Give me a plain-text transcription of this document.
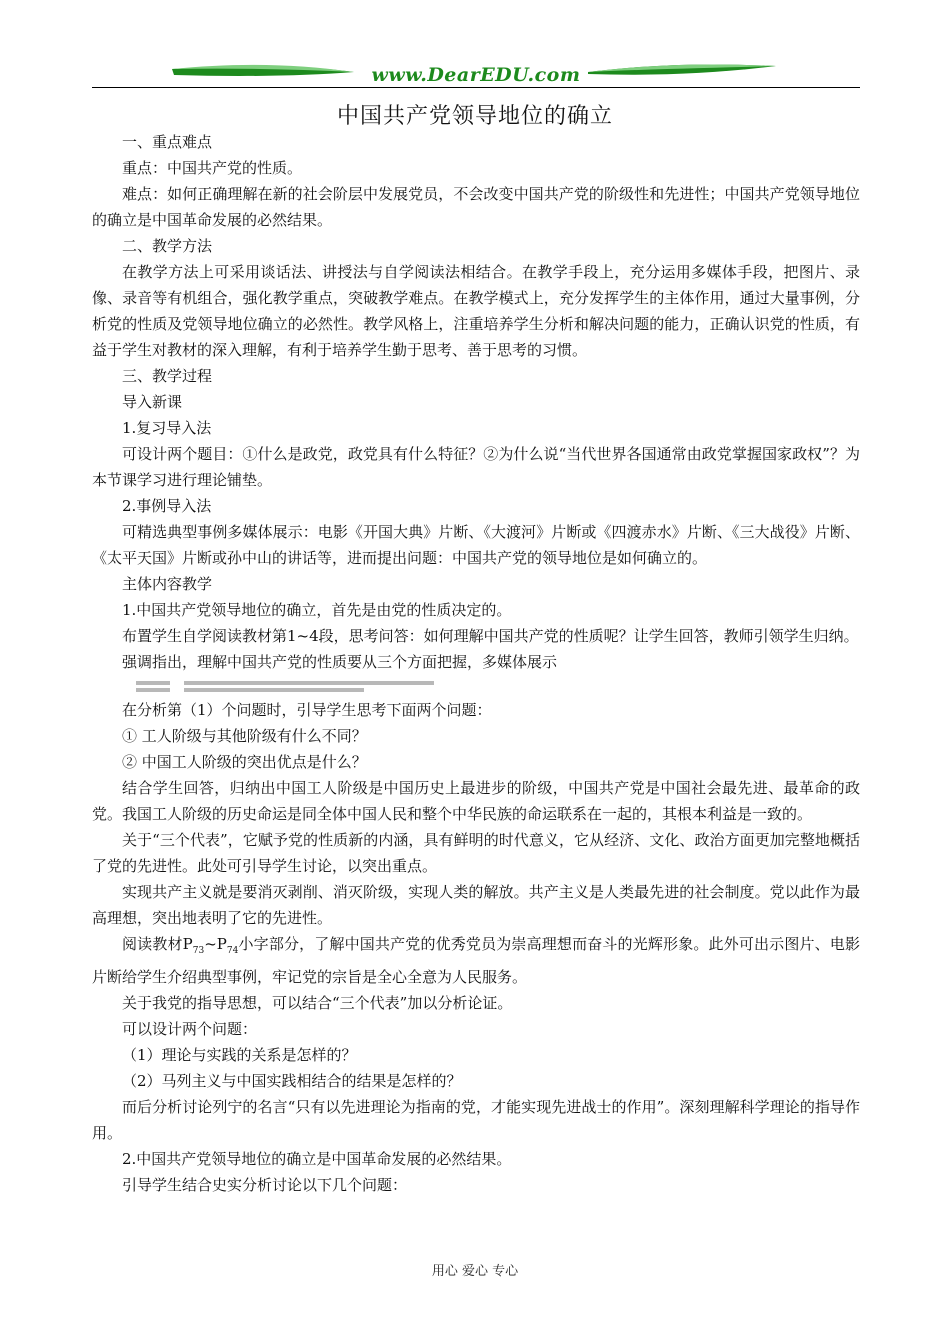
www.DearEDU.com
中国共产党领导地位的确立

一、重点难点

重点：中国共产党的性质。

难点：如何正确理解在新的社会阶层中发展党员，不会改变中国共产党的阶级性和先进性；中国共产党领导地位的确立是中国革命发展的必然结果。

二、教学方法

在教学方法上可采用谈话法、讲授法与自学阅读法相结合。在教学手段上，充分运用多媒体手段，把图片、录像、录音等有机组合，强化教学重点，突破教学难点。在教学模式上，充分发挥学生的主体作用，通过大量事例，分析党的性质及党领导地位确立的必然性。教学风格上，注重培养学生分析和解决问题的能力，正确认识党的性质，有益于学生对教材的深入理解，有利于培养学生勤于思考、善于思考的习惯。

三、教学过程

导入新课

1.复习导入法

可设计两个题目：①什么是政党，政党具有什么特征？②为什么说“当代世界各国通常由政党掌握国家政权”？为本节课学习进行理论铺垫。

2.事例导入法

可精选典型事例多媒体展示：电影《开国大典》片断、《大渡河》片断或《四渡赤水》片断、《三大战役》片断、《太平天国》片断或孙中山的讲话等，进而提出问题：中国共产党的领导地位是如何确立的。

主体内容教学

1.中国共产党领导地位的确立，首先是由党的性质决定的。

布置学生自学阅读教材第1~4段，思考问答：如何理解中国共产党的性质呢？让学生回答，教师引领学生归纳。

强调指出，理解中国共产党的性质要从三个方面把握，多媒体展示

在分析第（1）个问题时，引导学生思考下面两个问题：

① 工人阶级与其他阶级有什么不同？

② 中国工人阶级的突出优点是什么？

结合学生回答，归纳出中国工人阶级是中国历史上最进步的阶级，中国共产党是中国社会最先进、最革命的政党。我国工人阶级的历史命运是同全体中国人民和整个中华民族的命运联系在一起的，其根本利益是一致的。

关于“三个代表”，它赋予党的性质新的内涵，具有鲜明的时代意义，它从经济、文化、政治方面更加完整地概括了党的先进性。此处可引导学生讨论，以突出重点。

实现共产主义就是要消灭剥削、消灭阶级，实现人类的解放。共产主义是人类最先进的社会制度。党以此作为最高理想，突出地表明了它的先进性。

阅读教材$P_{73}\sim P_{74}$小字部分，了解中国共产党的优秀党员为崇高理想而奋斗的光辉形象。此外可出示图片、电影片断给学生介绍典型事例，牢记党的宗旨是全心全意为人民服务。

关于我党的指导思想，可以结合“三个代表”加以分析论证。

可以设计两个问题：

（1）理论与实践的关系是怎样的？

（2）马列主义与中国实践相结合的结果是怎样的？

而后分析讨论列宁的名言“只有以先进理论为指南的党，才能实现先进战士的作用”。深刻理解科学理论的指导作用。

2.中国共产党领导地位的确立是中国革命发展的必然结果。

引导学生结合史实分析讨论以下几个问题：

用心 爱心 专心
